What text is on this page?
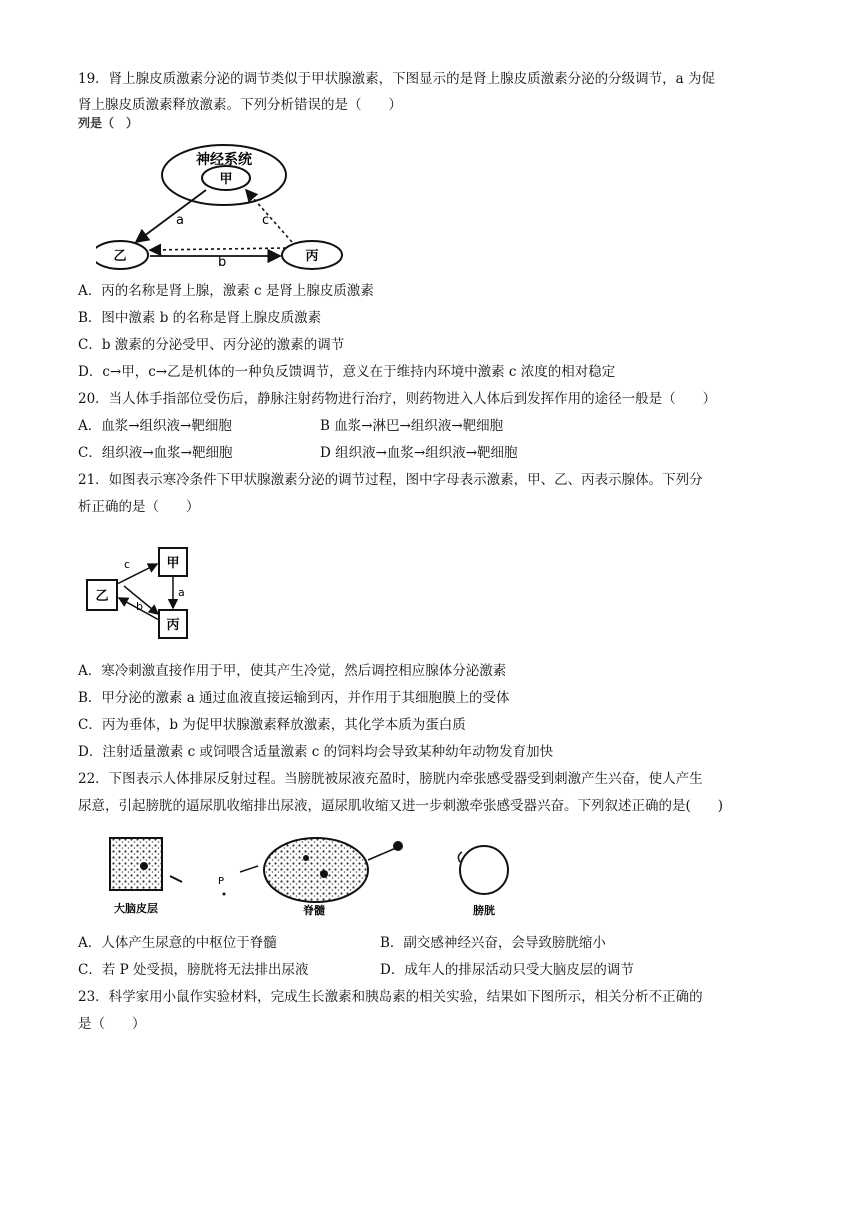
19．肾上腺皮质激素分泌的调节类似于甲状腺激素，下图显示的是肾上腺皮质激素分泌的分级调节，a 为促
肾上腺皮质激素释放激素。下列分析错误的是（　　）
列是（　）
神经系统
甲
乙	丙
a
b
c
A．丙的名称是肾上腺，激素 c 是肾上腺皮质激素
B．图中激素 b 的名称是肾上腺皮质激素
C．b 激素的分泌受甲、丙分泌的激素的调节
D．c→甲，c→乙是机体的一种负反馈调节，意义在于维持内环境中激素 c 浓度的相对稳定
20．当人体手指部位受伤后，静脉注射药物进行治疗，则药物进入人体后到发挥作用的途径一般是（　　）
A．血浆→组织液→靶细胞	B 血浆→淋巴→组织液→靶细胞
C．组织液→血浆→靶细胞	D 组织液→血浆→组织液→靶细胞
21．如图表示寒冷条件下甲状腺激素分泌的调节过程，图中字母表示激素，甲、乙、丙表示腺体。下列分
析正确的是（　　）
甲
乙
丙
c
a
b
A．寒冷刺激直接作用于甲，使其产生冷觉，然后调控相应腺体分泌激素
B．甲分泌的激素 a 通过血液直接运输到丙，并作用于其细胞膜上的受体
C．丙为垂体，b 为促甲状腺激素释放激素，其化学本质为蛋白质
D．注射适量激素 c 或饲喂含适量激素 c 的饲料均会导致某种幼年动物发育加快
22．下图表示人体排尿反射过程。当膀胱被尿液充盈时，膀胱内牵张感受器受到刺激产生兴奋，使人产生
尿意，引起膀胱的逼尿肌收缩排出尿液，逼尿肌收缩又进一步刺激牵张感受器兴奋。下列叙述正确的是(　　)
大脑皮层
P
脊髓	膀胱
A．人体产生尿意的中枢位于脊髓	B．副交感神经兴奋，会导致膀胱缩小
C．若 P 处受损，膀胱将无法排出尿液	D．成年人的排尿活动只受大脑皮层的调节
23．科学家用小鼠作实验材料，完成生长激素和胰岛素的相关实验，结果如下图所示，相关分析不正确的
是（　　）
